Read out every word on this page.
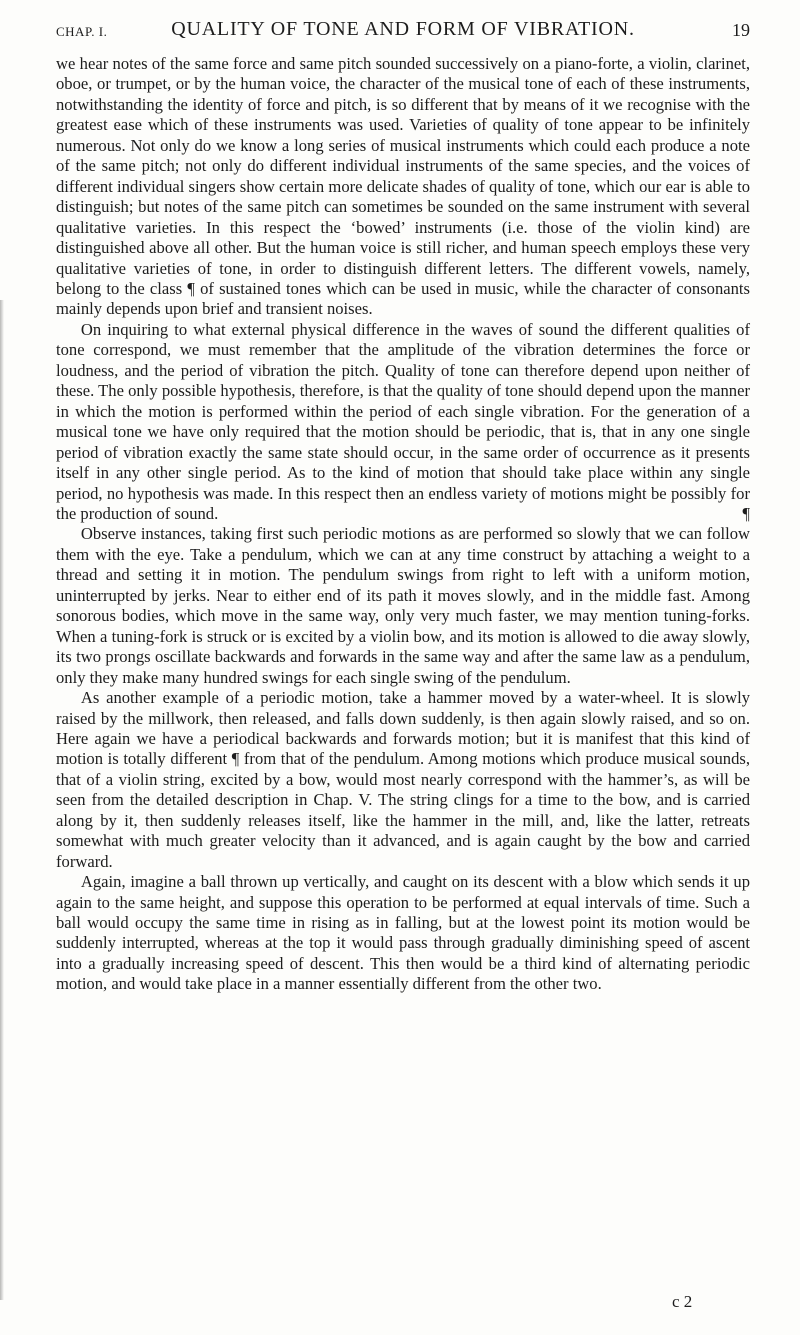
CHAP. I.	QUALITY OF TONE AND FORM OF VIBRATION.	19

we hear notes of the same force and same pitch sounded successively on a piano-forte, a violin, clarinet, oboe, or trumpet, or by the human voice, the character of the musical tone of each of these instruments, notwithstanding the identity of force and pitch, is so different that by means of it we recognise with the greatest ease which of these instruments was used. Varieties of quality of tone appear to be infinitely numerous. Not only do we know a long series of musical instruments which could each produce a note of the same pitch; not only do different individual instruments of the same species, and the voices of different individual singers show certain more delicate shades of quality of tone, which our ear is able to distinguish; but notes of the same pitch can sometimes be sounded on the same instrument with several qualitative varieties. In this respect the ‘bowed’ instruments (i.e. those of the violin kind) are distinguished above all other. But the human voice is still richer, and human speech employs these very qualitative varieties of tone, in order to distinguish different letters. The different vowels, namely, belong to the class ¶ of sustained tones which can be used in music, while the character of consonants mainly depends upon brief and transient noises.

On inquiring to what external physical difference in the waves of sound the different qualities of tone correspond, we must remember that the amplitude of the vibration determines the force or loudness, and the period of vibration the pitch. Quality of tone can therefore depend upon neither of these. The only possible hypothesis, therefore, is that the quality of tone should depend upon the manner in which the motion is performed within the period of each single vibration. For the generation of a musical tone we have only required that the motion should be periodic, that is, that in any one single period of vibration exactly the same state should occur, in the same order of occurrence as it presents itself in any other single period. As to the kind of motion that should take place within any single period, no hypothesis was made. In this respect then an endless variety of motions might be possibly for the production of sound.	¶

Observe instances, taking first such periodic motions as are performed so slowly that we can follow them with the eye. Take a pendulum, which we can at any time construct by attaching a weight to a thread and setting it in motion. The pendulum swings from right to left with a uniform motion, uninterrupted by jerks. Near to either end of its path it moves slowly, and in the middle fast. Among sonorous bodies, which move in the same way, only very much faster, we may mention tuning-forks. When a tuning-fork is struck or is excited by a violin bow, and its motion is allowed to die away slowly, its two prongs oscillate backwards and forwards in the same way and after the same law as a pendulum, only they make many hundred swings for each single swing of the pendulum.

As another example of a periodic motion, take a hammer moved by a water-wheel. It is slowly raised by the millwork, then released, and falls down suddenly, is then again slowly raised, and so on. Here again we have a periodical backwards and forwards motion; but it is manifest that this kind of motion is totally different ¶ from that of the pendulum. Among motions which produce musical sounds, that of a violin string, excited by a bow, would most nearly correspond with the hammer’s, as will be seen from the detailed description in Chap. V. The string clings for a time to the bow, and is carried along by it, then suddenly releases itself, like the hammer in the mill, and, like the latter, retreats somewhat with much greater velocity than it advanced, and is again caught by the bow and carried forward.

Again, imagine a ball thrown up vertically, and caught on its descent with a blow which sends it up again to the same height, and suppose this operation to be performed at equal intervals of time. Such a ball would occupy the same time in rising as in falling, but at the lowest point its motion would be suddenly interrupted, whereas at the top it would pass through gradually diminishing speed of ascent into a gradually increasing speed of descent. This then would be a third kind of alternating periodic motion, and would take place in a manner essentially different from the other two.

c 2
